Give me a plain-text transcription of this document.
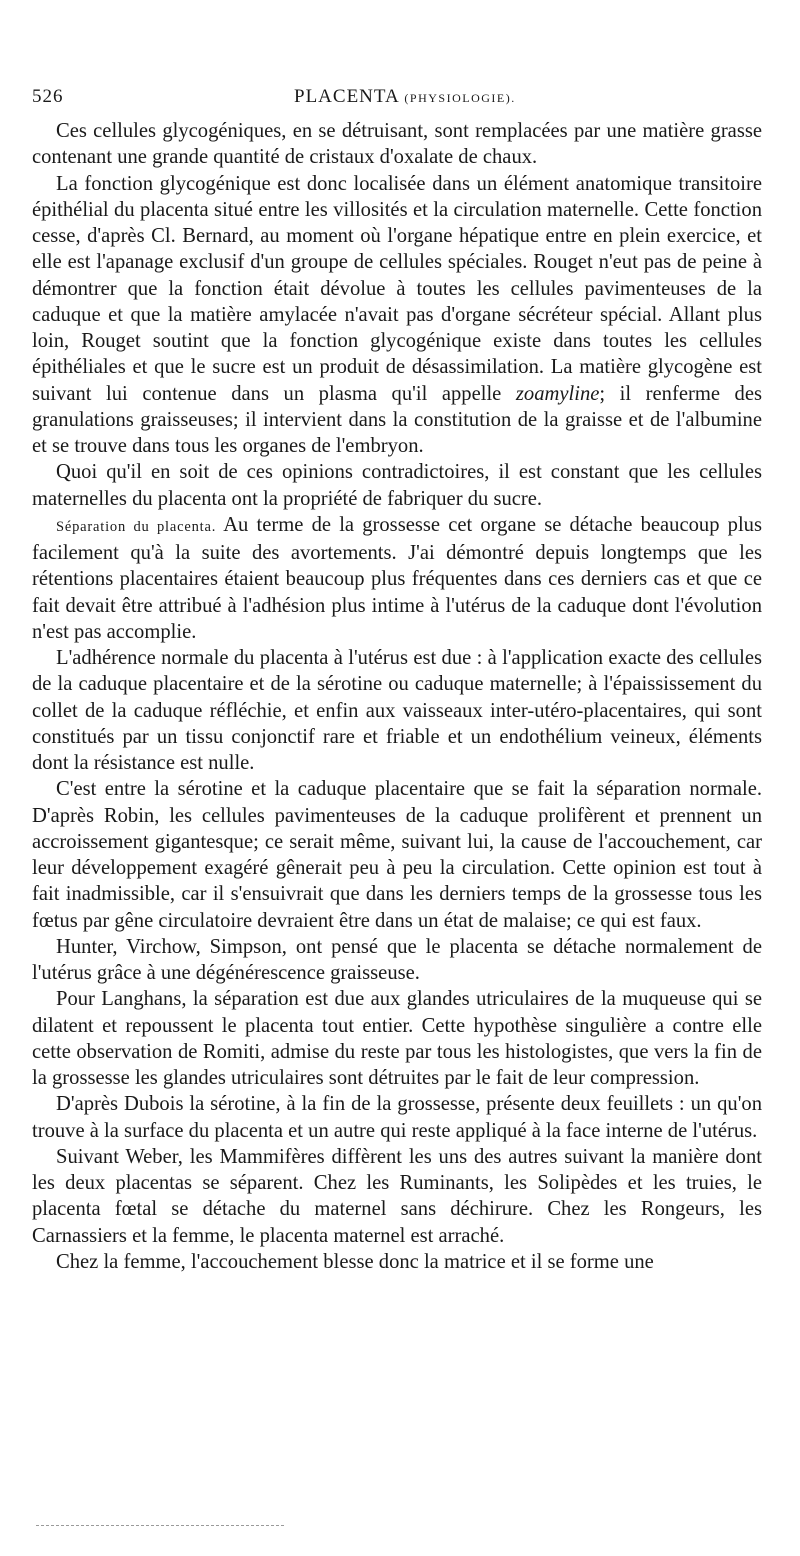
526	PLACENTA (PHYSIOLOGIE).

Ces cellules glycogéniques, en se détruisant, sont remplacées par une matière grasse contenant une grande quantité de cristaux d'oxalate de chaux.

La fonction glycogénique est donc localisée dans un élément anatomique transitoire épithélial du placenta situé entre les villosités et la circulation maternelle. Cette fonction cesse, d'après Cl. Bernard, au moment où l'organe hépatique entre en plein exercice, et elle est l'apanage exclusif d'un groupe de cellules spéciales. Rouget n'eut pas de peine à démontrer que la fonction était dévolue à toutes les cellules pavimenteuses de la caduque et que la matière amylacée n'avait pas d'organe sécréteur spécial. Allant plus loin, Rouget soutint que la fonction glycogénique existe dans toutes les cellules épithéliales et que le sucre est un produit de désassimilation. La matière glycogène est suivant lui contenue dans un plasma qu'il appelle zoamyline; il renferme des granulations graisseuses; il intervient dans la constitution de la graisse et de l'albumine et se trouve dans tous les organes de l'embryon.

Quoi qu'il en soit de ces opinions contradictoires, il est constant que les cellules maternelles du placenta ont la propriété de fabriquer du sucre.

Séparation du placenta. Au terme de la grossesse cet organe se détache beaucoup plus facilement qu'à la suite des avortements. J'ai démontré depuis longtemps que les rétentions placentaires étaient beaucoup plus fréquentes dans ces derniers cas et que ce fait devait être attribué à l'adhésion plus intime à l'utérus de la caduque dont l'évolution n'est pas accomplie.

L'adhérence normale du placenta à l'utérus est due : à l'application exacte des cellules de la caduque placentaire et de la sérotine ou caduque maternelle; à l'épaississement du collet de la caduque réfléchie, et enfin aux vaisseaux inter-utéro-placentaires, qui sont constitués par un tissu conjonctif rare et friable et un endothélium veineux, éléments dont la résistance est nulle.

C'est entre la sérotine et la caduque placentaire que se fait la séparation normale. D'après Robin, les cellules pavimenteuses de la caduque prolifèrent et prennent un accroissement gigantesque; ce serait même, suivant lui, la cause de l'accouchement, car leur développement exagéré gênerait peu à peu la circulation. Cette opinion est tout à fait inadmissible, car il s'ensuivrait que dans les derniers temps de la grossesse tous les fœtus par gêne circulatoire devraient être dans un état de malaise; ce qui est faux.

Hunter, Virchow, Simpson, ont pensé que le placenta se détache normalement de l'utérus grâce à une dégénérescence graisseuse.

Pour Langhans, la séparation est due aux glandes utriculaires de la muqueuse qui se dilatent et repoussent le placenta tout entier. Cette hypothèse singulière a contre elle cette observation de Romiti, admise du reste par tous les histologistes, que vers la fin de la grossesse les glandes utriculaires sont détruites par le fait de leur compression.

D'après Dubois la sérotine, à la fin de la grossesse, présente deux feuillets : un qu'on trouve à la surface du placenta et un autre qui reste appliqué à la face interne de l'utérus.

Suivant Weber, les Mammifères diffèrent les uns des autres suivant la manière dont les deux placentas se séparent. Chez les Ruminants, les Solipèdes et les truies, le placenta fœtal se détache du maternel sans déchirure. Chez les Rongeurs, les Carnassiers et la femme, le placenta maternel est arraché.

Chez la femme, l'accouchement blesse donc la matrice et il se forme une
